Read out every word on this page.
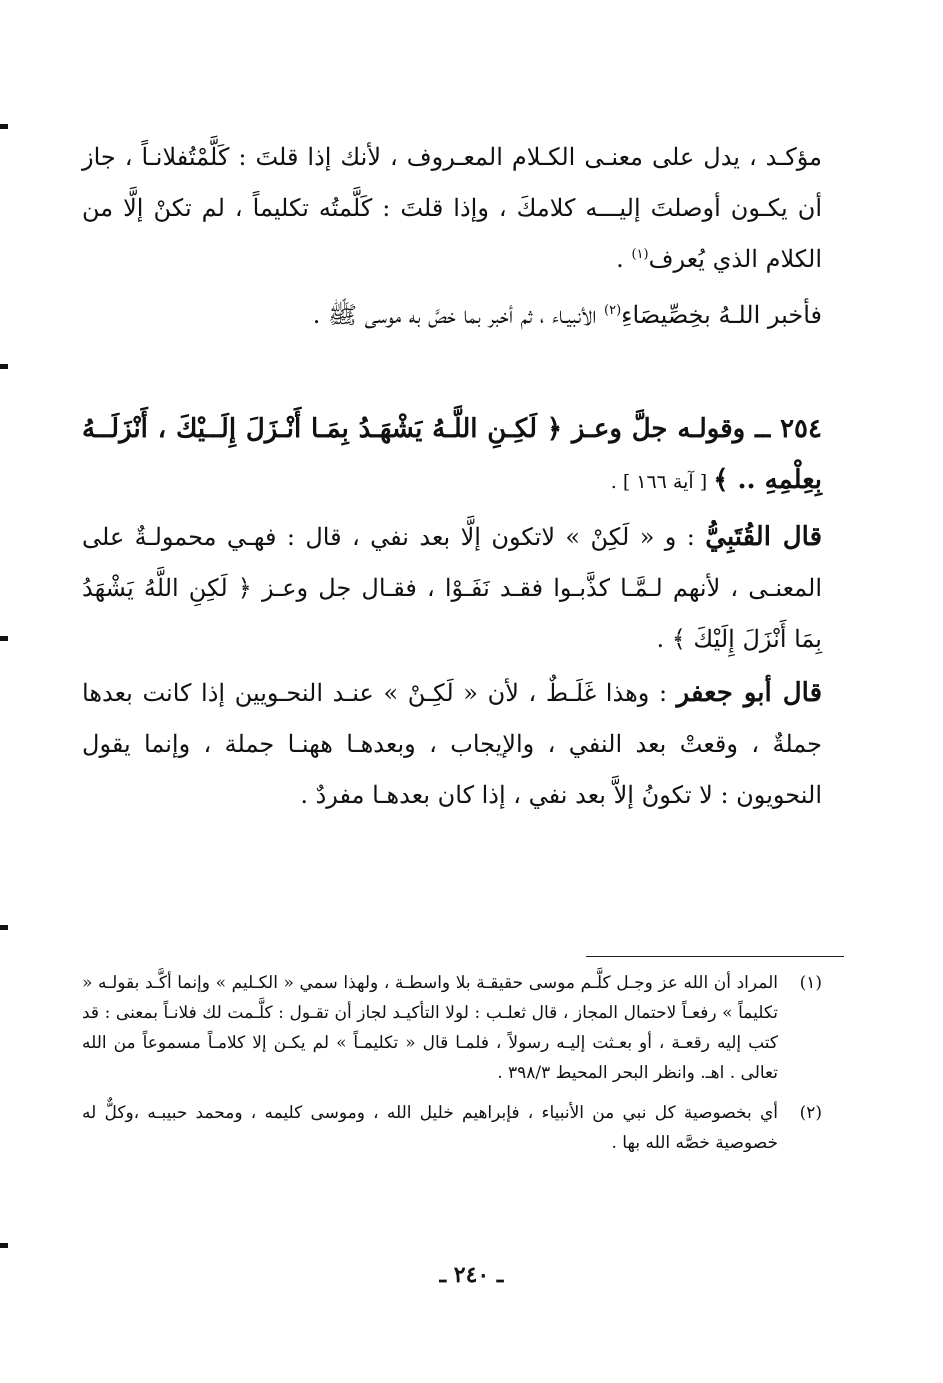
مؤكـد ، يدل على معنـى الكـلام المعـروف ، لأنك إذا قلتَ : كَلَّمْتُفلانـاً ، جاز أن يكـون أوصلتَ إليـــه كلامكَ ، وإذا قلتَ : كَلَّمتُه تكليماً ، لم تكنْ إلَّا من الكلام الذي يُعرف$^{(١)}$ .

فأخبر اللـهُ بخِصِّيصَاءِ$^{(٢)}$ الأنبيـاء ، ثم أخبر بما خصَّ به موسى ﷺ .

٢٥٤ ــ وقولـه جلَّ وعـز ﴿ لَكِـنِ اللَّـهُ يَشْهَـدُ بِمَـا أَنْـزَلَ إِلَــيْكَ ، أَنْزَلَــهُ بِعِلْمِهِ .. ﴾ [ آية ١٦٦ ] .

قال القُتَبِيُّ : و « لَكِنْ » لاتكون إلَّا بعد نفي ، قال : فهـي محمولـةٌ على المعنـى ، لأنهم لـمَّـا كذَّبـوا فقـد نَفَـوْا ، فقـال جل وعـز ﴿ لَكِنِ اللَّهُ يَشْهَدُ بِمَا أَنْزَلَ إِلَيْكَ ﴾ .

قال أبو جعفر : وهذا غَلَـطٌ ، لأن « لَكِـنْ » عنـد النحـويين إذا كانت بعدها جملةٌ ، وقعتْ بعد النفي ، والإيجاب ، وبعدهـا ههنـا جملة ، وإنما يقول النحويون : لا تكونُ إلاَّ بعد نفي ، إذا كان بعدهـا مفردٌ .

(١)
المراد أن الله عز وجـل كلَّـم موسى حقيقـة بلا واسطـة ، ولهذا سمي « الكـليم » وإنما أكَّـد بقولـه « تكليماً » رفعـاً لاحتمال المجاز ، قال ثعلـب : لولا التأكيـد لجاز أن تقـول : كلَّـمت لك فلانـاً بمعنى : قد كتب إليه رقعـة ، أو بعـثت إليـه رسولاً ، فلمـا قال « تكليمـاً » لم يكـن إلا كلامـاً مسموعاً من الله تعالى . اهـ. وانظر البحر المحيط ٣٩٨/٣ .
(٢)
أي بخصوصية كل نبي من الأنبياء ، فإبراهيم خليل الله ، وموسى كليمه ، ومحمد حبيبـه ،وكلٌّ له خصوصية خصَّه الله بها .
ـ ٢٤٠ ـ
